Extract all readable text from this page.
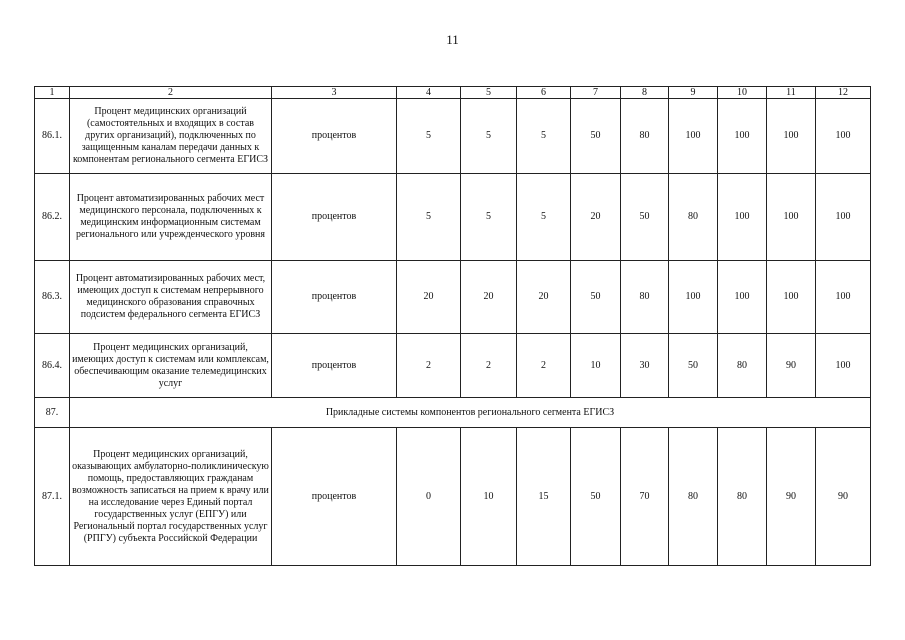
11
1	2	3	4	5	6	7	8	9	10	11	12
86.1.	Процент медицинских организаций (самостоятельных и входящих в состав других организаций), подключенных по защищенным каналам передачи данных к компонентам регионального сегмента ЕГИСЗ	процентов	5	5	5	50	80	100	100	100	100
86.2.	Процент автоматизированных рабочих мест медицинского персонала, подключенных к медицинским информационным системам регионального или учрежденческого уровня	процентов	5	5	5	20	50	80	100	100	100
86.3.	Процент автоматизированных рабочих мест, имеющих доступ к системам непрерывного медицинского образования справочных подсистем федерального сегмента ЕГИСЗ	процентов	20	20	20	50	80	100	100	100	100
86.4.	Процент медицинских организаций, имеющих доступ к системам или комплексам, обеспечивающим оказание телемедицинских услуг	процентов	2	2	2	10	30	50	80	90	100
87.	Прикладные системы компонентов регионального сегмента ЕГИСЗ										
87.1.	Процент медицинских организаций, оказывающих амбулаторно-поликлиническую помощь, предоставляющих гражданам возможность записаться на прием к врачу или на исследование через Единый портал государственных услуг (ЕПГУ) или Региональный портал государственных услуг (РПГУ) субъекта Российской Федерации	процентов	0	10	15	50	70	80	80	90	90
